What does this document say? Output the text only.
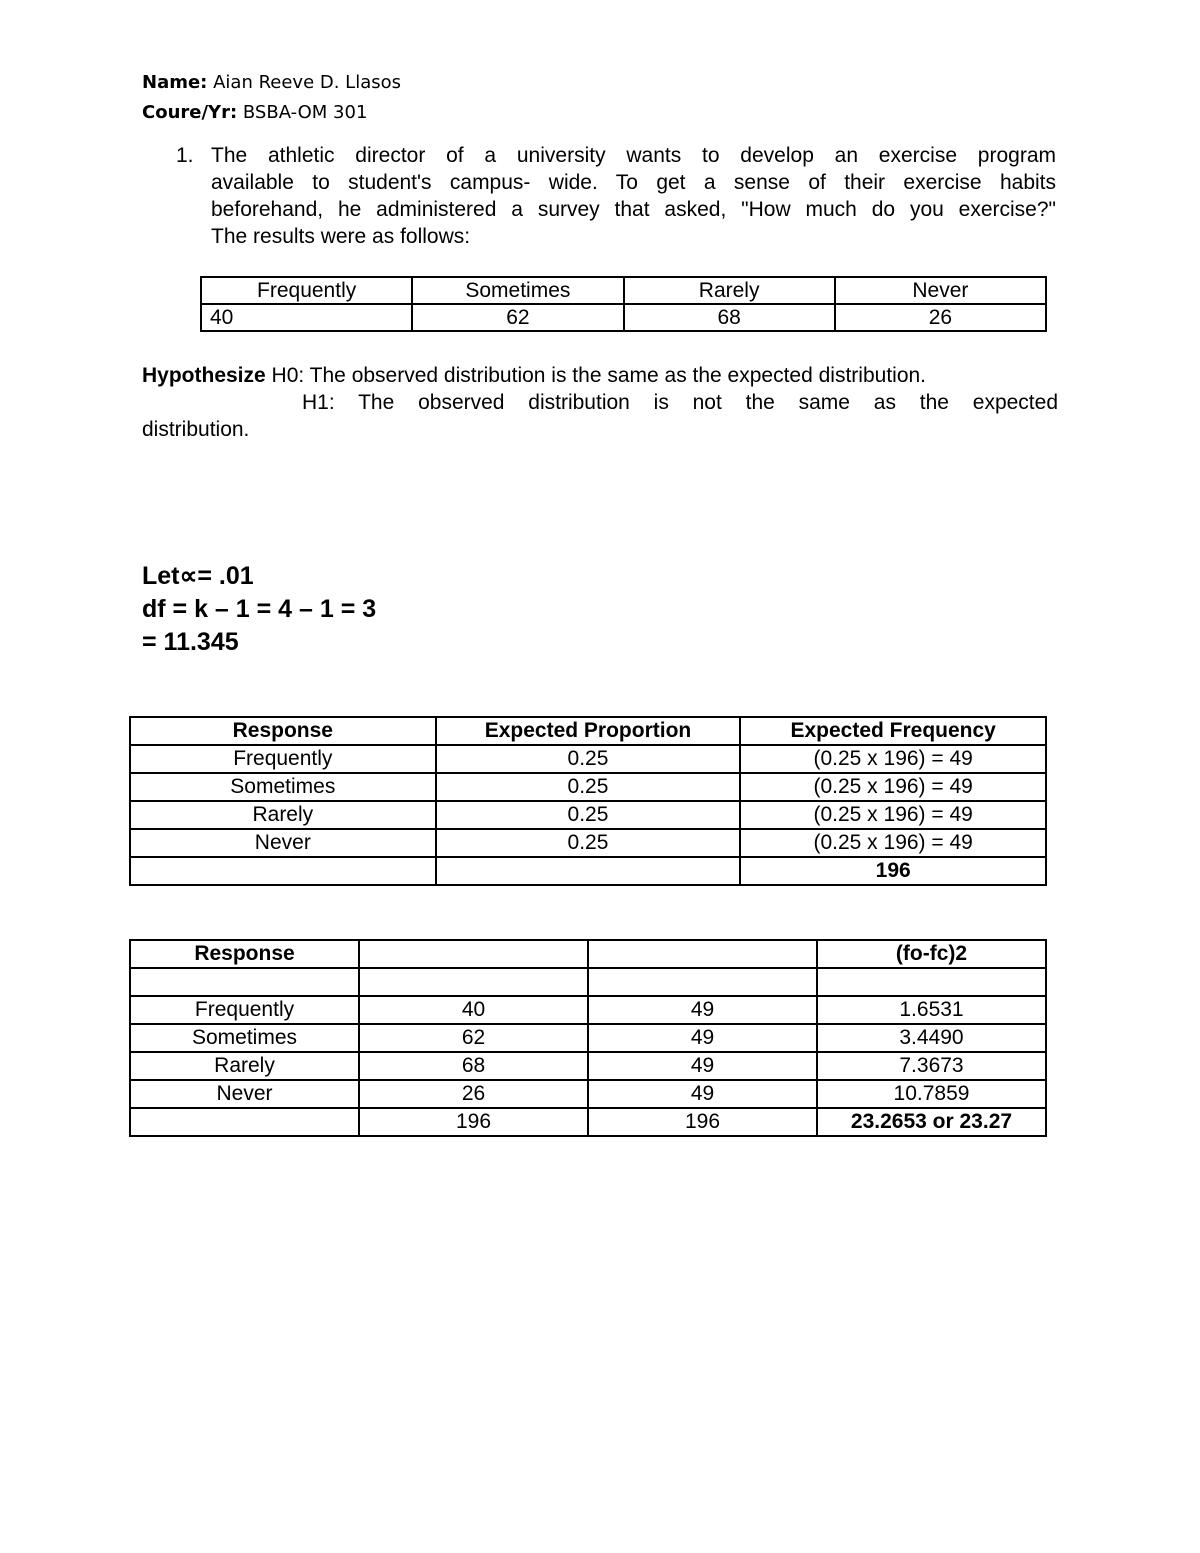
Name: Aian Reeve D. Llasos
Coure/Yr: BSBA-OM 301
1. The athletic director of a university wants to develop an exercise program
available to student's campus- wide. To get a sense of their exercise habits
beforehand, he administered a survey that asked, "How much do you exercise?"
The results were as follows:
Frequently	Sometimes	Rarely	Never
40	62	68	26
Hypothesize H0: The observed distribution is the same as the expected distribution.
H1: The observed distribution is not the same as the expected
distribution.
Let∝= .01
df = k – 1 = 4 – 1 = 3
= 11.345
Response	Expected Proportion	Expected Frequency
Frequently	0.25	(0.25 x 196) = 49
Sometimes	0.25	(0.25 x 196) = 49
Rarely	0.25	(0.25 x 196) = 49
Never	0.25	(0.25 x 196) = 49
		196
Response			(fo-fc)2

Frequently	40	49	1.6531
Sometimes	62	49	3.4490
Rarely	68	49	7.3673
Never	26	49	10.7859
	196	196	23.2653 or 23.27
